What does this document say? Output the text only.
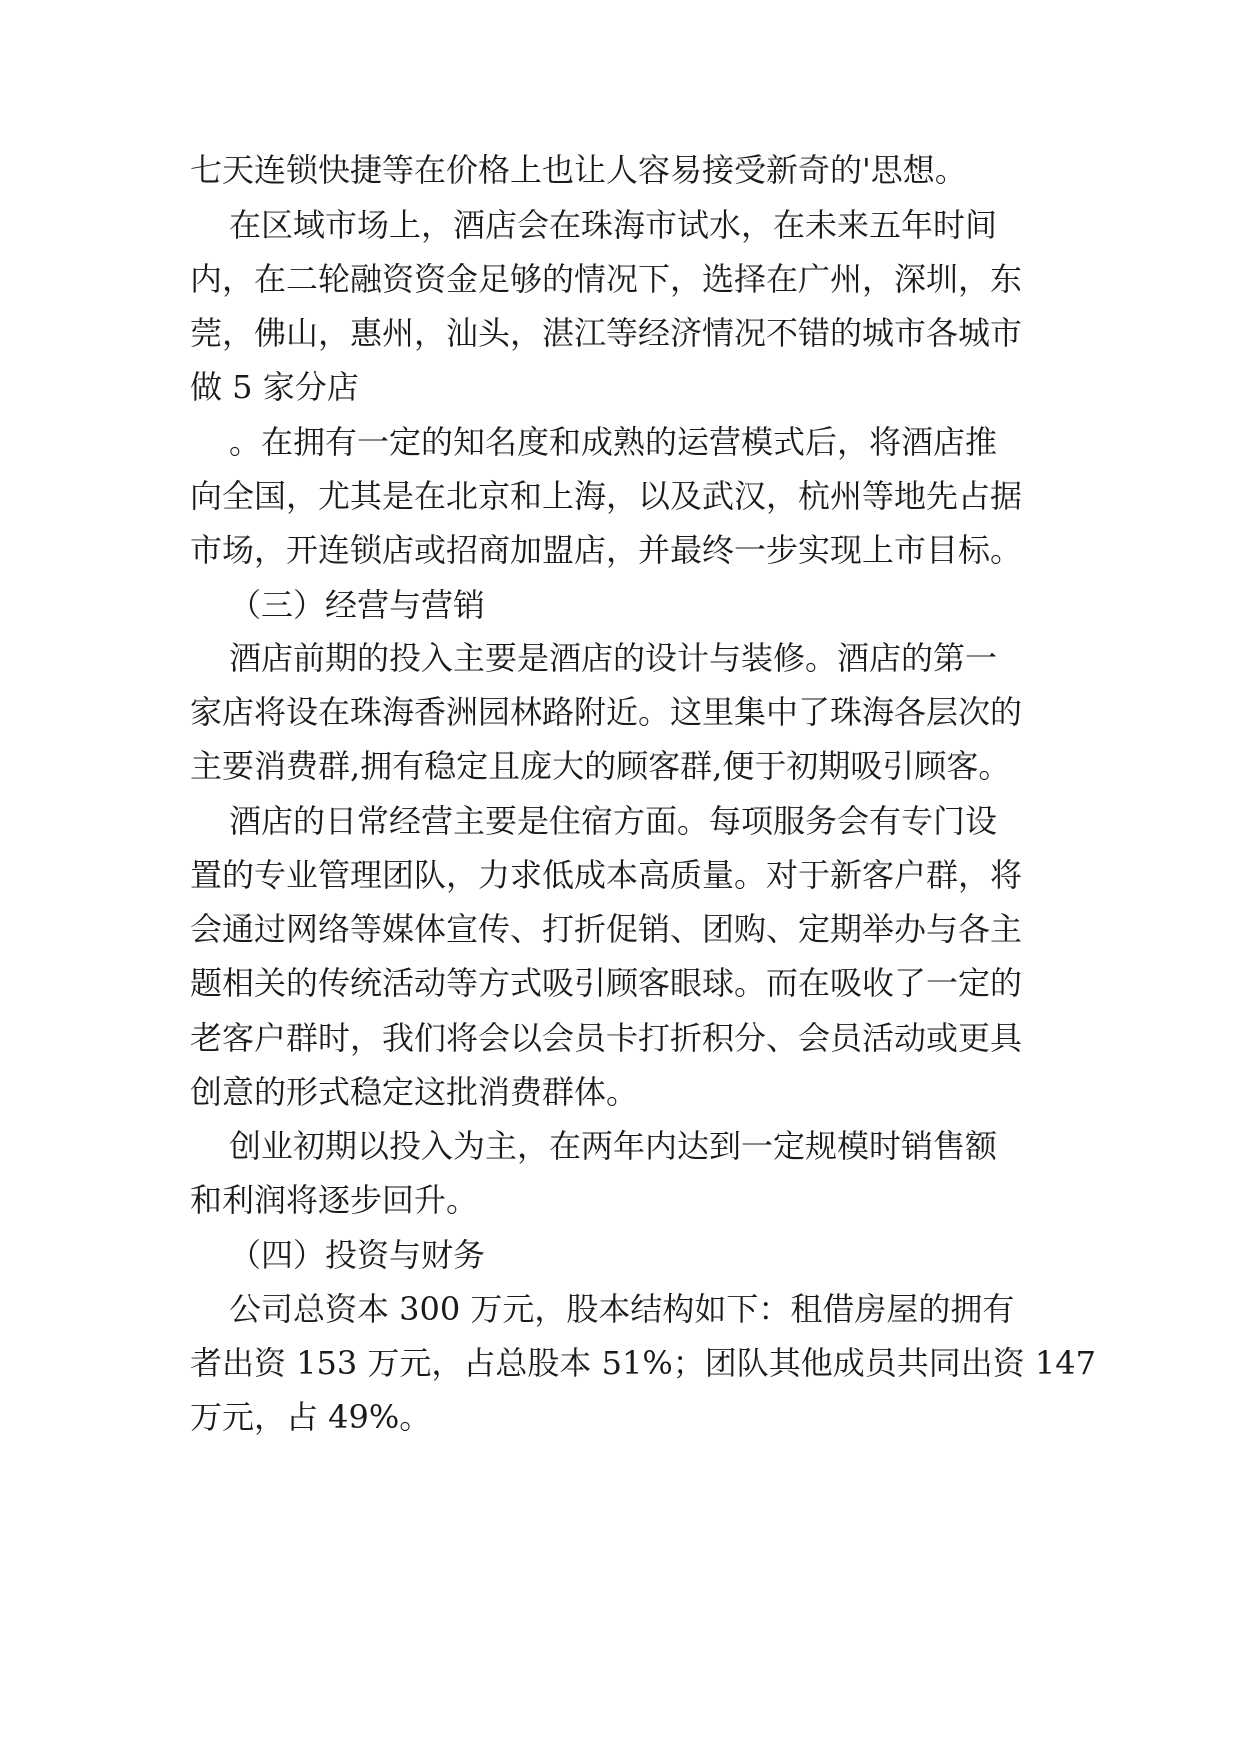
七天连锁快捷等在价格上也让人容易接受新奇的'思想。
在区域市场上，酒店会在珠海市试水，在未来五年时间
内，在二轮融资资金足够的情况下，选择在广州，深圳，东
莞，佛山，惠州，汕头，湛江等经济情况不错的城市各城市
做 5 家分店
。在拥有一定的知名度和成熟的运营模式后，将酒店推
向全国，尤其是在北京和上海，以及武汉，杭州等地先占据
市场，开连锁店或招商加盟店，并最终一步实现上市目标。
（三）经营与营销
酒店前期的投入主要是酒店的设计与装修。酒店的第一
家店将设在珠海香洲园林路附近。这里集中了珠海各层次的
主要消费群,拥有稳定且庞大的顾客群,便于初期吸引顾客。
酒店的日常经营主要是住宿方面。每项服务会有专门设
置的专业管理团队，力求低成本高质量。对于新客户群，将
会通过网络等媒体宣传、打折促销、团购、定期举办与各主
题相关的传统活动等方式吸引顾客眼球。而在吸收了一定的
老客户群时，我们将会以会员卡打折积分、会员活动或更具
创意的形式稳定这批消费群体。
创业初期以投入为主，在两年内达到一定规模时销售额
和利润将逐步回升。
（四）投资与财务
公司总资本 300 万元，股本结构如下：租借房屋的拥有
者出资 153 万元，占总股本 51%；团队其他成员共同出资 147
万元，占 49%。
